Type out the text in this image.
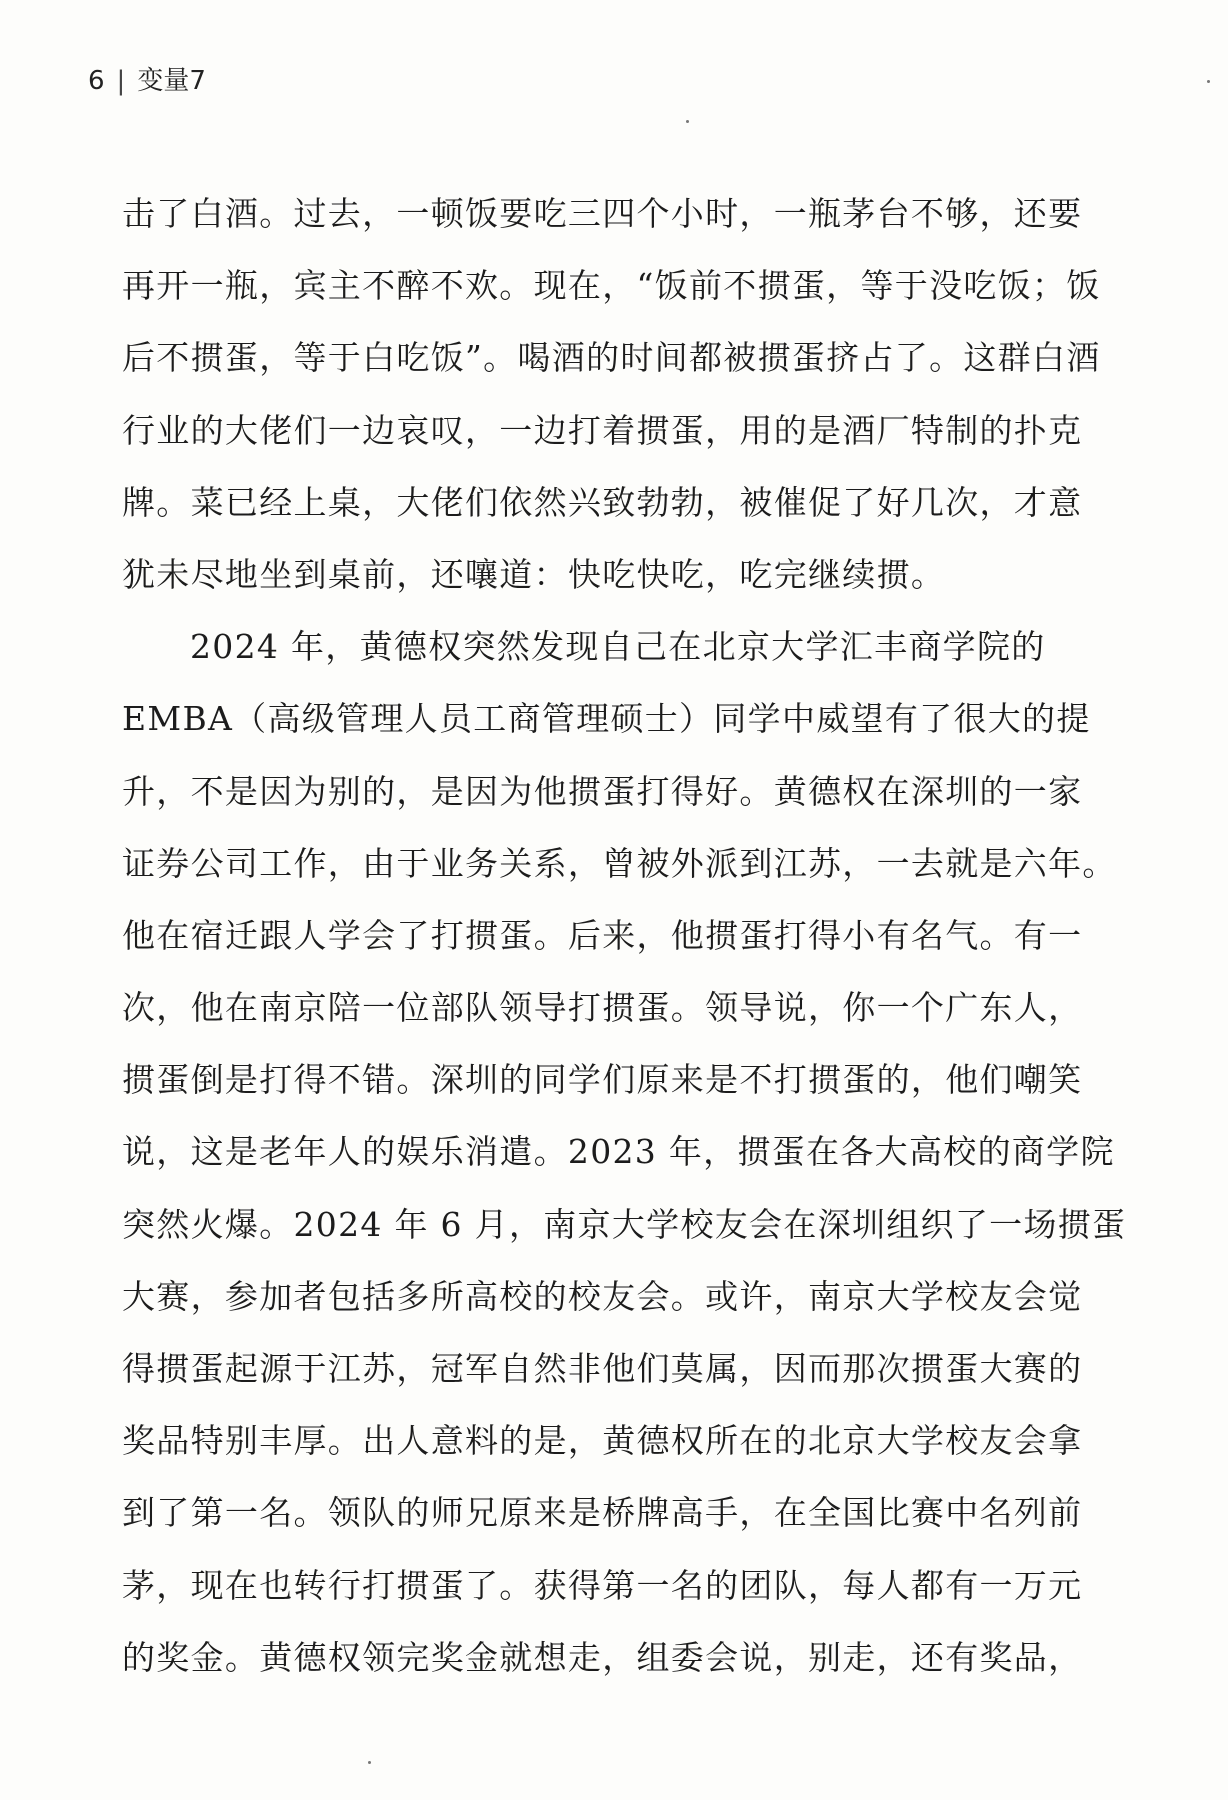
6 | 变量7
击了白酒。过去，一顿饭要吃三四个小时，一瓶茅台不够，还要
再开一瓶，宾主不醉不欢。现在，“饭前不掼蛋，等于没吃饭；饭
后不掼蛋，等于白吃饭”。喝酒的时间都被掼蛋挤占了。这群白酒
行业的大佬们一边哀叹，一边打着掼蛋，用的是酒厂特制的扑克
牌。菜已经上桌，大佬们依然兴致勃勃，被催促了好几次，才意
犹未尽地坐到桌前，还嚷道：快吃快吃，吃完继续掼。
2024 年，黄德权突然发现自己在北京大学汇丰商学院的
EMBA（高级管理人员工商管理硕士）同学中威望有了很大的提
升，不是因为别的，是因为他掼蛋打得好。黄德权在深圳的一家
证券公司工作，由于业务关系，曾被外派到江苏，一去就是六年。
他在宿迁跟人学会了打掼蛋。后来，他掼蛋打得小有名气。有一
次，他在南京陪一位部队领导打掼蛋。领导说，你一个广东人，
掼蛋倒是打得不错。深圳的同学们原来是不打掼蛋的，他们嘲笑
说，这是老年人的娱乐消遣。2023 年，掼蛋在各大高校的商学院
突然火爆。2024 年 6 月，南京大学校友会在深圳组织了一场掼蛋
大赛，参加者包括多所高校的校友会。或许，南京大学校友会觉
得掼蛋起源于江苏，冠军自然非他们莫属，因而那次掼蛋大赛的
奖品特别丰厚。出人意料的是，黄德权所在的北京大学校友会拿
到了第一名。领队的师兄原来是桥牌高手，在全国比赛中名列前
茅，现在也转行打掼蛋了。获得第一名的团队，每人都有一万元
的奖金。黄德权领完奖金就想走，组委会说，别走，还有奖品，
